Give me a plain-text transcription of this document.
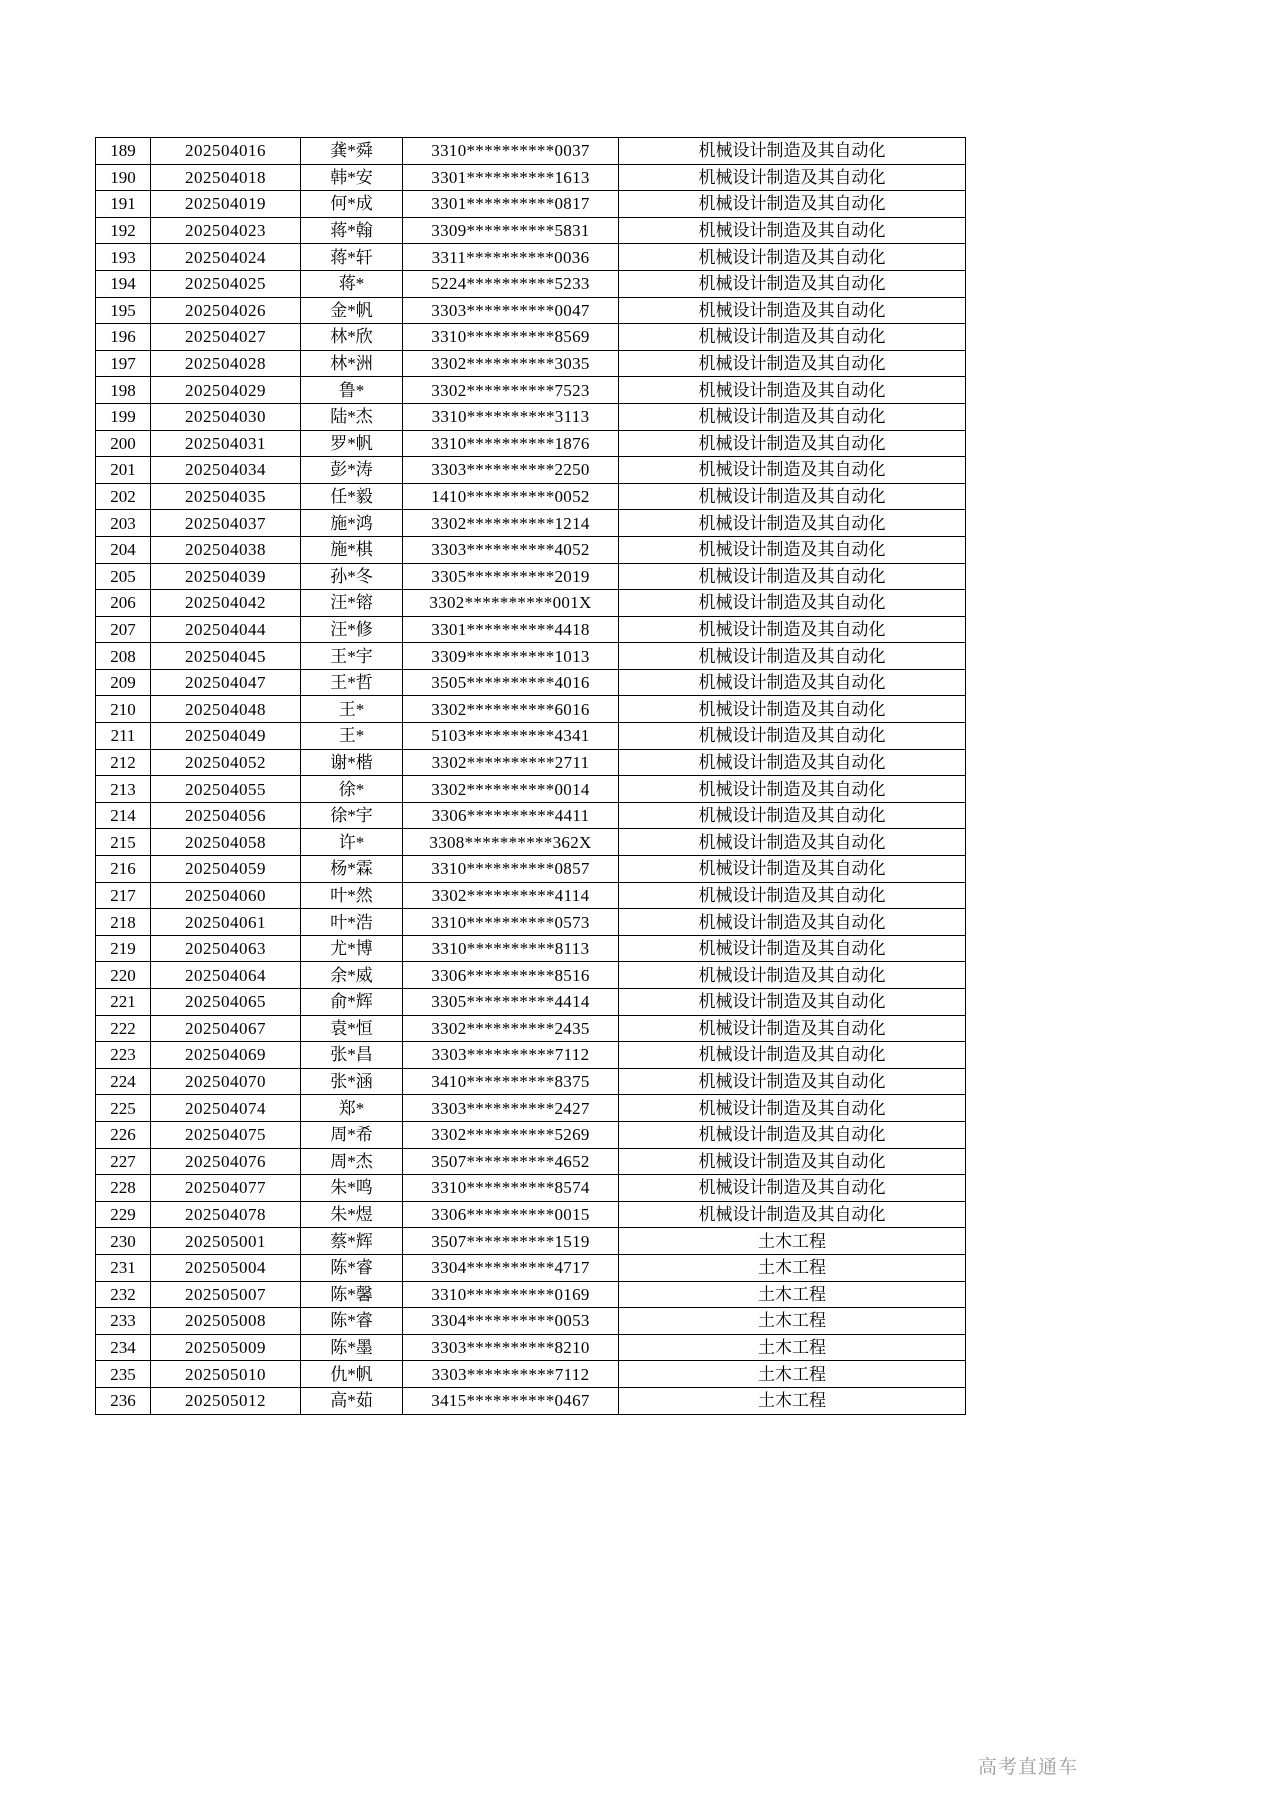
189	202504016	龚*舜	3310**********0037	机械设计制造及其自动化
190	202504018	韩*安	3301**********1613	机械设计制造及其自动化
191	202504019	何*成	3301**********0817	机械设计制造及其自动化
192	202504023	蒋*翰	3309**********5831	机械设计制造及其自动化
193	202504024	蒋*轩	3311**********0036	机械设计制造及其自动化
194	202504025	蒋*	5224**********5233	机械设计制造及其自动化
195	202504026	金*帆	3303**********0047	机械设计制造及其自动化
196	202504027	林*欣	3310**********8569	机械设计制造及其自动化
197	202504028	林*洲	3302**********3035	机械设计制造及其自动化
198	202504029	鲁*	3302**********7523	机械设计制造及其自动化
199	202504030	陆*杰	3310**********3113	机械设计制造及其自动化
200	202504031	罗*帆	3310**********1876	机械设计制造及其自动化
201	202504034	彭*涛	3303**********2250	机械设计制造及其自动化
202	202504035	任*毅	1410**********0052	机械设计制造及其自动化
203	202504037	施*鸿	3302**********1214	机械设计制造及其自动化
204	202504038	施*棋	3303**********4052	机械设计制造及其自动化
205	202504039	孙*冬	3305**********2019	机械设计制造及其自动化
206	202504042	汪*镕	3302**********001X	机械设计制造及其自动化
207	202504044	汪*修	3301**********4418	机械设计制造及其自动化
208	202504045	王*宇	3309**********1013	机械设计制造及其自动化
209	202504047	王*哲	3505**********4016	机械设计制造及其自动化
210	202504048	王*	3302**********6016	机械设计制造及其自动化
211	202504049	王*	5103**********4341	机械设计制造及其自动化
212	202504052	谢*楷	3302**********2711	机械设计制造及其自动化
213	202504055	徐*	3302**********0014	机械设计制造及其自动化
214	202504056	徐*宇	3306**********4411	机械设计制造及其自动化
215	202504058	许*	3308**********362X	机械设计制造及其自动化
216	202504059	杨*霖	3310**********0857	机械设计制造及其自动化
217	202504060	叶*然	3302**********4114	机械设计制造及其自动化
218	202504061	叶*浩	3310**********0573	机械设计制造及其自动化
219	202504063	尤*博	3310**********8113	机械设计制造及其自动化
220	202504064	余*威	3306**********8516	机械设计制造及其自动化
221	202504065	俞*辉	3305**********4414	机械设计制造及其自动化
222	202504067	袁*恒	3302**********2435	机械设计制造及其自动化
223	202504069	张*昌	3303**********7112	机械设计制造及其自动化
224	202504070	张*涵	3410**********8375	机械设计制造及其自动化
225	202504074	郑*	3303**********2427	机械设计制造及其自动化
226	202504075	周*希	3302**********5269	机械设计制造及其自动化
227	202504076	周*杰	3507**********4652	机械设计制造及其自动化
228	202504077	朱*鸣	3310**********8574	机械设计制造及其自动化
229	202504078	朱*煜	3306**********0015	机械设计制造及其自动化
230	202505001	蔡*辉	3507**********1519	土木工程
231	202505004	陈*睿	3304**********4717	土木工程
232	202505007	陈*馨	3310**********0169	土木工程
233	202505008	陈*睿	3304**********0053	土木工程
234	202505009	陈*墨	3303**********8210	土木工程
235	202505010	仇*帆	3303**********7112	土木工程
236	202505012	高*茹	3415**********0467	土木工程
高考直通车
